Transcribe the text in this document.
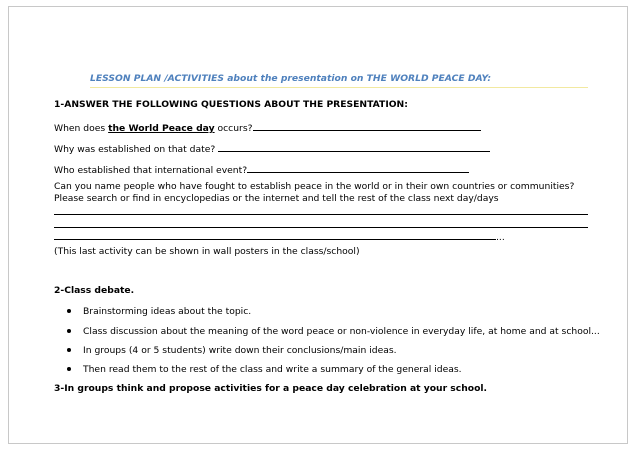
LESSON PLAN /ACTIVITIES about the presentation on THE WORLD PEACE DAY:
1-ANSWER THE FOLLOWING QUESTIONS ABOUT THE PRESENTATION:
When does the World Peace day occurs?
Why was established on that date?
Who established that international event?
Can you name people who have fought to establish peace in the world or in their own countries or communities? Please search or find in encyclopedias or the internet and tell the rest of the class next day/days
...
(This last activity can be shown in wall posters in the class/school)
2-Class debate.
Brainstorming ideas about the topic.
Class discussion about the meaning of the word peace or non-violence in everyday life, at home and at school...
In groups (4 or 5 students) write down their conclusions/main ideas.
Then read them to the rest of the class and write a summary of the general ideas.
3-In groups think and propose activities for a peace day celebration at your school.
